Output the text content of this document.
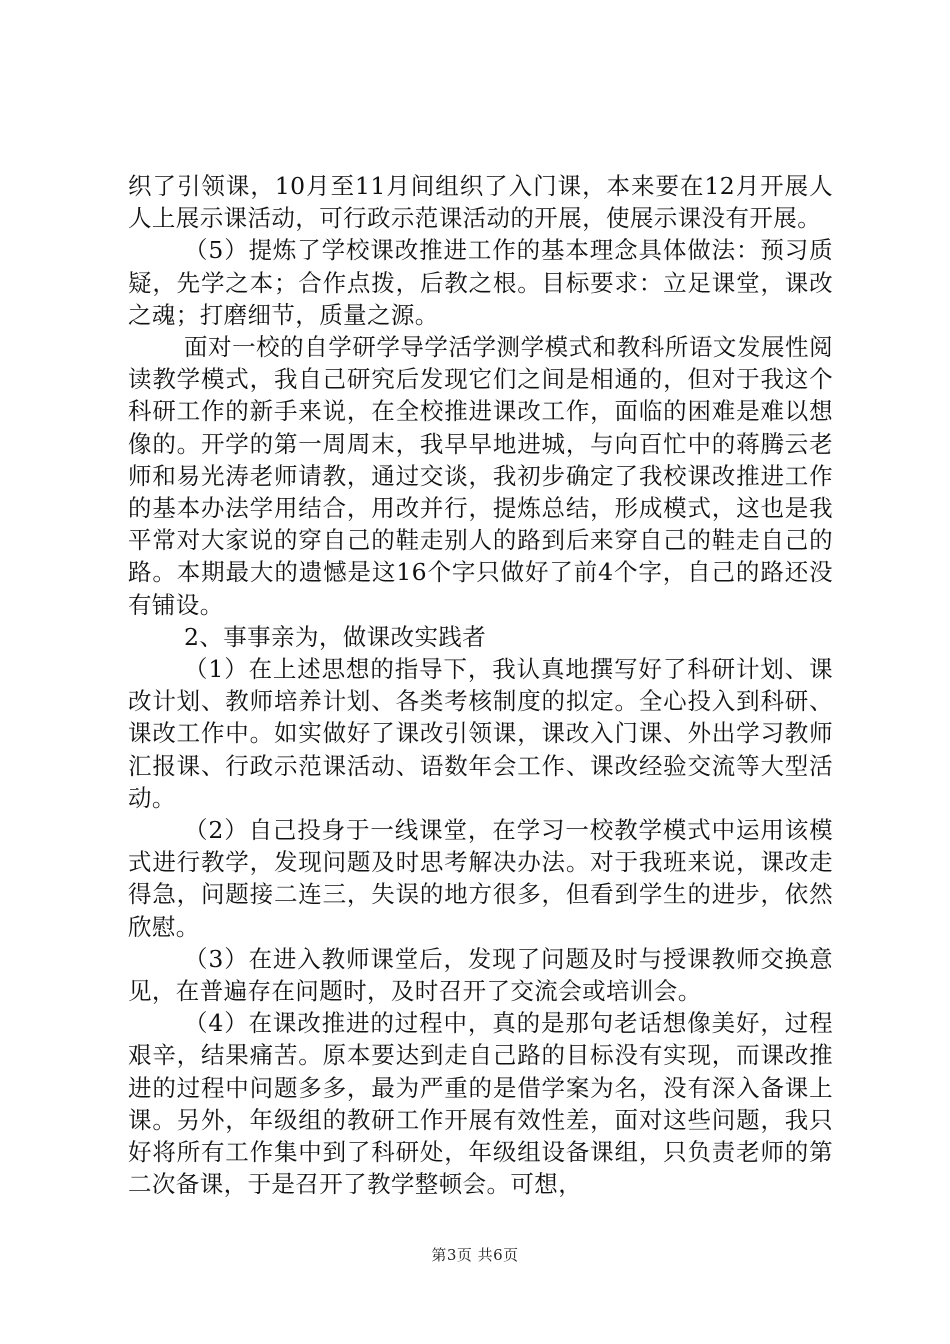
织了引领课，10月至11月间组织了入门课，本来要在12月开展人人上展示课活动，可行政示范课活动的开展，使展示课没有开展。

（5）提炼了学校课改推进工作的基本理念具体做法：预习质疑，先学之本；合作点拨，后教之根。目标要求：立足课堂，课改之魂；打磨细节，质量之源。

面对一校的自学研学导学活学测学模式和教科所语文发展性阅读教学模式，我自己研究后发现它们之间是相通的，但对于我这个科研工作的新手来说，在全校推进课改工作，面临的困难是难以想像的。开学的第一周周末，我早早地进城，与向百忙中的蒋腾云老师和易光涛老师请教，通过交谈，我初步确定了我校课改推进工作的基本办法学用结合，用改并行，提炼总结，形成模式，这也是我平常对大家说的穿自己的鞋走别人的路到后来穿自己的鞋走自己的路。本期最大的遗憾是这16个字只做好了前4个字，自己的路还没有铺设。

2、事事亲为，做课改实践者

（1）在上述思想的指导下，我认真地撰写好了科研计划、课改计划、教师培养计划、各类考核制度的拟定。全心投入到科研、课改工作中。如实做好了课改引领课，课改入门课、外出学习教师汇报课、行政示范课活动、语数年会工作、课改经验交流等大型活动。

（2）自己投身于一线课堂，在学习一校教学模式中运用该模式进行教学，发现问题及时思考解决办法。对于我班来说，课改走得急，问题接二连三，失误的地方很多，但看到学生的进步，依然欣慰。

（3）在进入教师课堂后，发现了问题及时与授课教师交换意见，在普遍存在问题时，及时召开了交流会或培训会。

（4）在课改推进的过程中，真的是那句老话想像美好，过程艰辛，结果痛苦。原本要达到走自己路的目标没有实现，而课改推进的过程中问题多多，最为严重的是借学案为名，没有深入备课上课。另外，年级组的教研工作开展有效性差，面对这些问题，我只好将所有工作集中到了科研处，年级组设备课组，只负责老师的第二次备课，于是召开了教学整顿会。可想，

第3页 共6页
